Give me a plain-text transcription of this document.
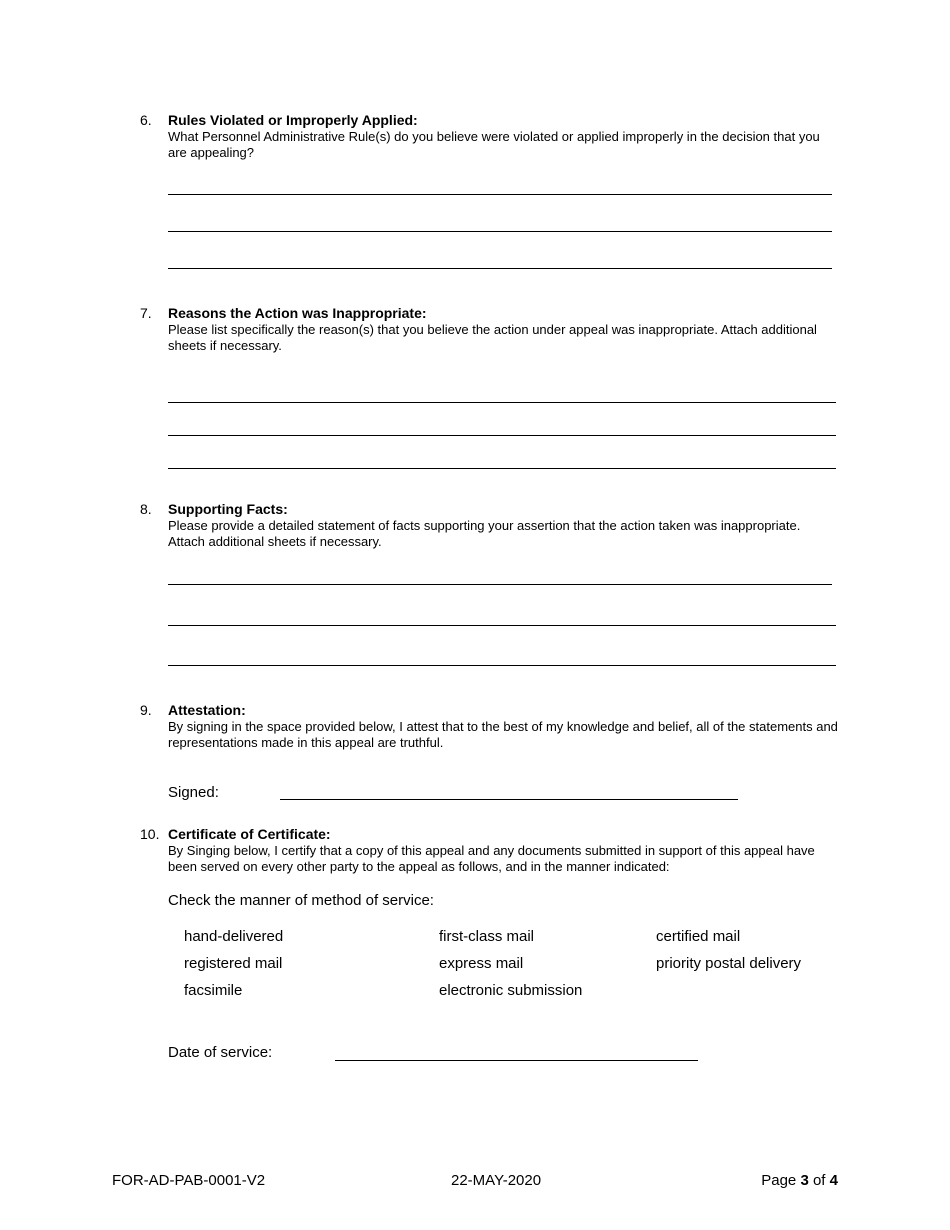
6. Rules Violated or Improperly Applied:
What Personnel Administrative Rule(s) do you believe were violated or applied improperly in the decision that you are appealing?
7. Reasons the Action was Inappropriate:
Please list specifically the reason(s) that you believe the action under appeal was inappropriate. Attach additional sheets if necessary.
8. Supporting Facts:
Please provide a detailed statement of facts supporting your assertion that the action taken was inappropriate. Attach additional sheets if necessary.
9. Attestation:
By signing in the space provided below, I attest that to the best of my knowledge and belief, all of the statements and representations made in this appeal are truthful.
Signed:
10. Certificate of Certificate:
By Singing below, I certify that a copy of this appeal and any documents submitted in support of this appeal have been served on every other party to the appeal as follows, and in the manner indicated:
Check the manner of method of service:
hand-delivered	first-class mail	certified mail
registered mail	express mail	priority postal delivery
facsimile	electronic submission
Date of service:
FOR-AD-PAB-0001-V2	22-MAY-2020	Page 3 of 4
